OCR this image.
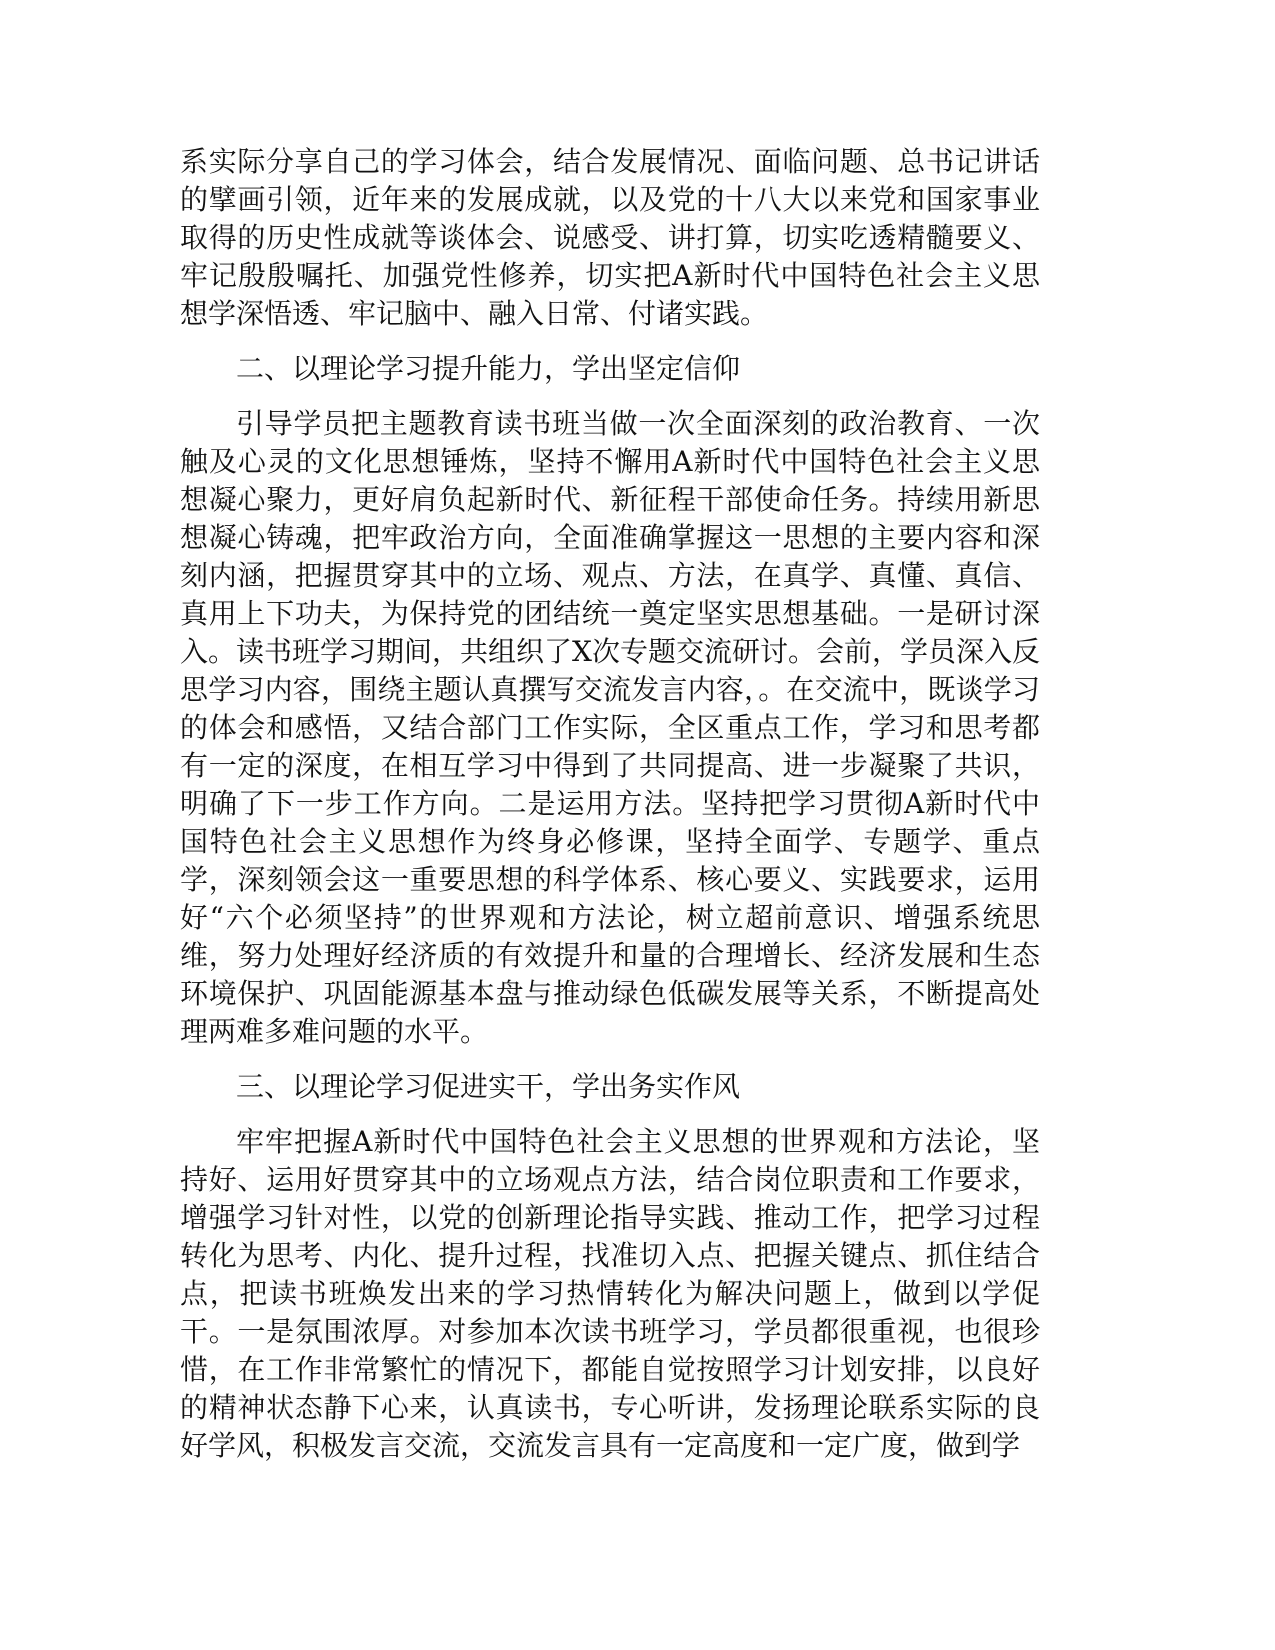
系实际分享自己的学习体会，结合发展情况、面临问题、总书记讲话的擘画引领，近年来的发展成就，以及党的十八大以来党和国家事业取得的历史性成就等谈体会、说感受、讲打算，切实吃透精髓要义、牢记殷殷嘱托、加强党性修养，切实把A新时代中国特色社会主义思想学深悟透、牢记脑中、融入日常、付诸实践。

二、以理论学习提升能力，学出坚定信仰

引导学员把主题教育读书班当做一次全面深刻的政治教育、一次触及心灵的文化思想锤炼，坚持不懈用A新时代中国特色社会主义思想凝心聚力，更好肩负起新时代、新征程干部使命任务。持续用新思想凝心铸魂，把牢政治方向，全面准确掌握这一思想的主要内容和深刻内涵，把握贯穿其中的立场、观点、方法，在真学、真懂、真信、真用上下功夫，为保持党的团结统一奠定坚实思想基础。一是研讨深入。读书班学习期间，共组织了X次专题交流研讨。会前，学员深入反思学习内容，围绕主题认真撰写交流发言内容，。在交流中，既谈学习的体会和感悟，又结合部门工作实际，全区重点工作，学习和思考都有一定的深度，在相互学习中得到了共同提高、进一步凝聚了共识，明确了下一步工作方向。二是运用方法。坚持把学习贯彻A新时代中国特色社会主义思想作为终身必修课，坚持全面学、专题学、重点学，深刻领会这一重要思想的科学体系、核心要义、实践要求，运用好“六个必须坚持”的世界观和方法论，树立超前意识、增强系统思维，努力处理好经济质的有效提升和量的合理增长、经济发展和生态环境保护、巩固能源基本盘与推动绿色低碳发展等关系，不断提高处理两难多难问题的水平。

三、以理论学习促进实干，学出务实作风

牢牢把握A新时代中国特色社会主义思想的世界观和方法论，坚持好、运用好贯穿其中的立场观点方法，结合岗位职责和工作要求，增强学习针对性，以党的创新理论指导实践、推动工作，把学习过程转化为思考、内化、提升过程，找准切入点、把握关键点、抓住结合点，把读书班焕发出来的学习热情转化为解决问题上，做到以学促干。一是氛围浓厚。对参加本次读书班学习，学员都很重视，也很珍惜，在工作非常繁忙的情况下，都能自觉按照学习计划安排，以良好的精神状态静下心来，认真读书，专心听讲，发扬理论联系实际的良好学风，积极发言交流，交流发言具有一定高度和一定广度，做到学
